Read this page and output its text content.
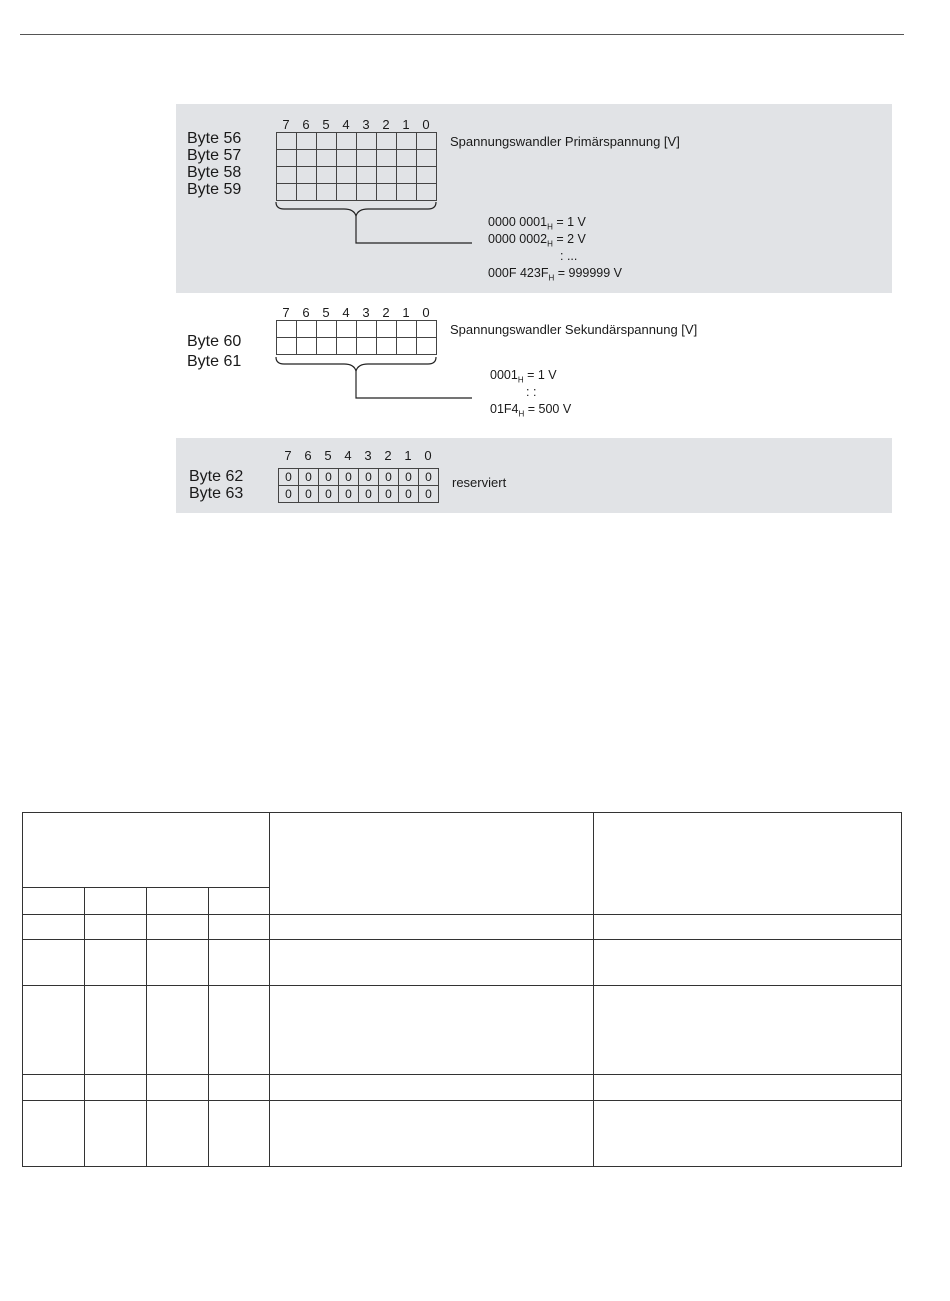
7 6 5 4 3 2 1 0
Byte 56
Byte 57
Byte 58
Byte 59

Spannungswandler Primärspannung [V]
0000 $0001_H = 1$ V
0000 $0002_H = 2$ V
: ...
000F $423F_H = 999999$ V
7 6 5 4 3 2 1 0
Byte 60
Byte 61

Spannungswandler Sekundärspannung [V]
$0001_H = 1$ V
: :
$01F4_H = 500$ V
7 6 5 4 3 2 1 0
Byte 62
Byte 63
0	0	0	0	0	0	0	0
0	0	0	0	0	0	0	0
reserviert
